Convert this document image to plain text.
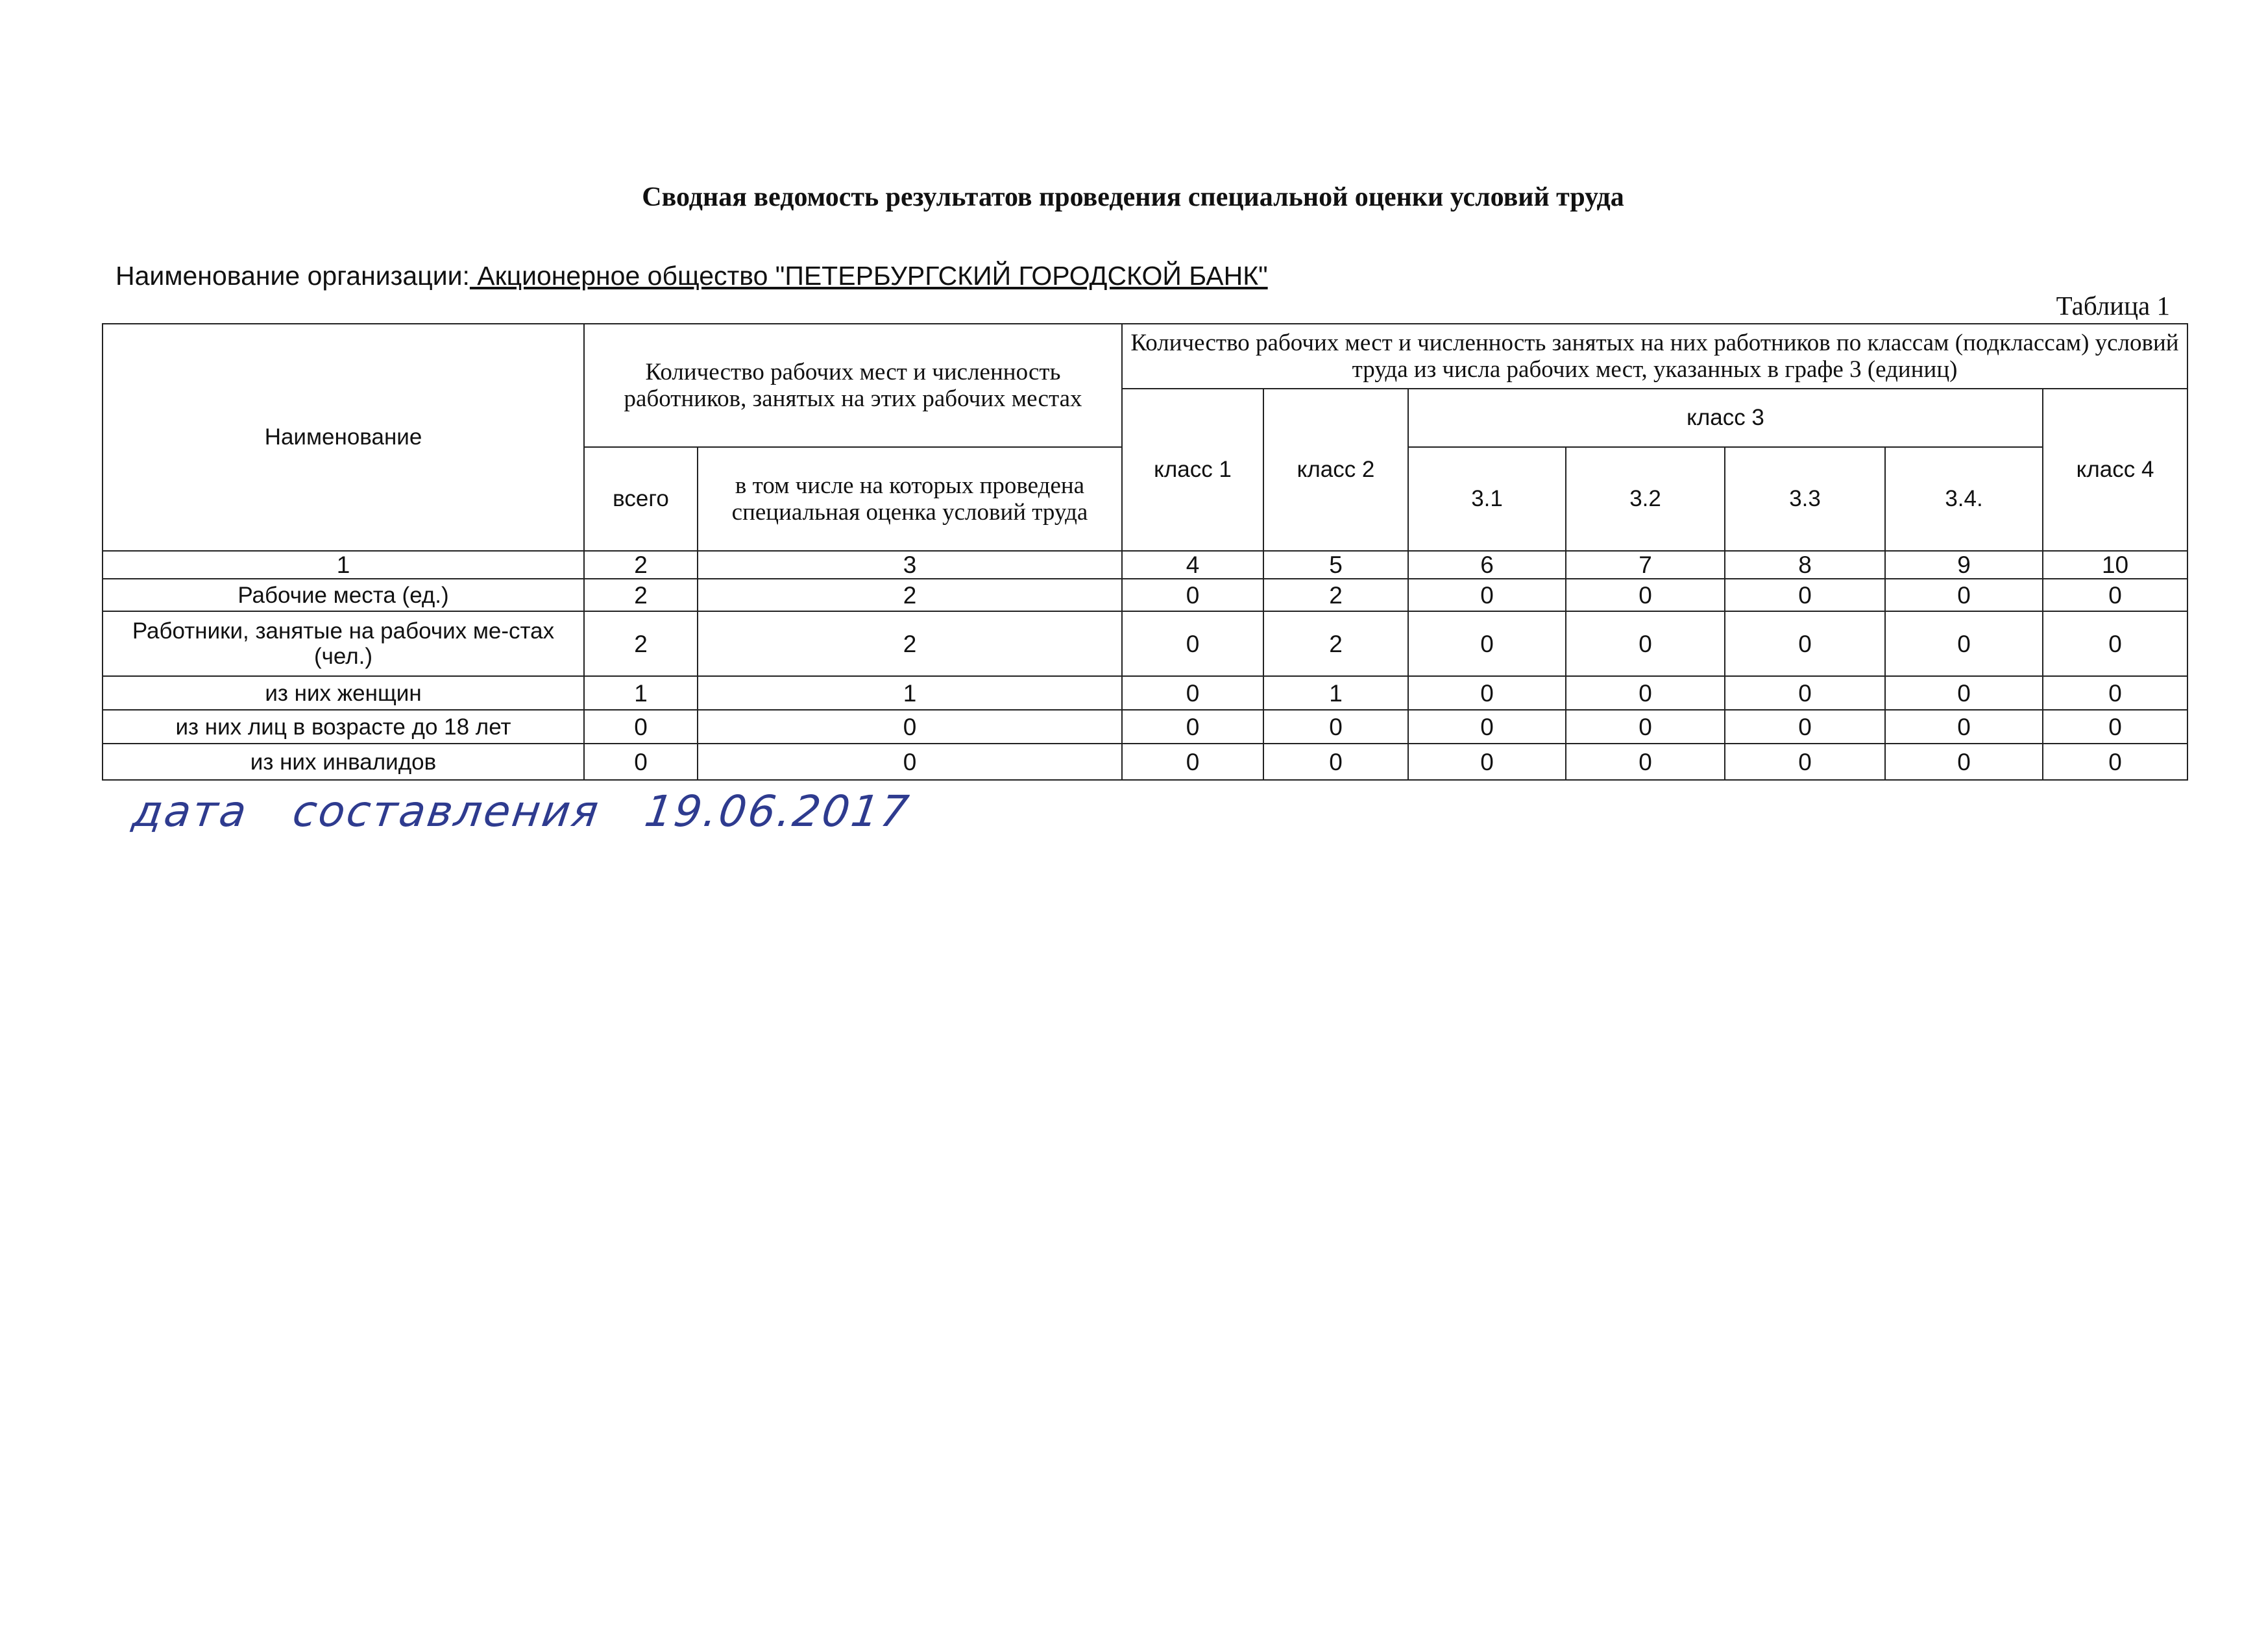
Сводная ведомость результатов проведения специальной оценки условий труда
Наименование организации: Акционерное общество "ПЕТЕРБУРГСКИЙ ГОРОДСКОЙ БАНК"
Таблица 1
Наименование	Количество рабочих мест и численность работников, занятых на этих рабочих местах		Количество рабочих мест и численность занятых на них работников по классам (подклассам) условий труда из числа рабочих мест, указанных в графе 3 (единиц)						
			класс 1	класс 2	класс 3				класс 4
	всего	в том числе на которых проведена специальная оценка условий труда			3.1	3.2	3.3	3.4.	
1	2	3	4	5	6	7	8	9	10
Рабочие места (ед.)	2	2	0	2	0	0	0	0	0
Работники, занятые на рабочих ме-стах (чел.)	2	2	0	2	0	0	0	0	0
из них женщин	1	1	0	1	0	0	0	0	0
из них лиц в возрасте до 18 лет	0	0	0	0	0	0	0	0	0
из них инвалидов	0	0	0	0	0	0	0	0	0
дата составления 19.06.2017
